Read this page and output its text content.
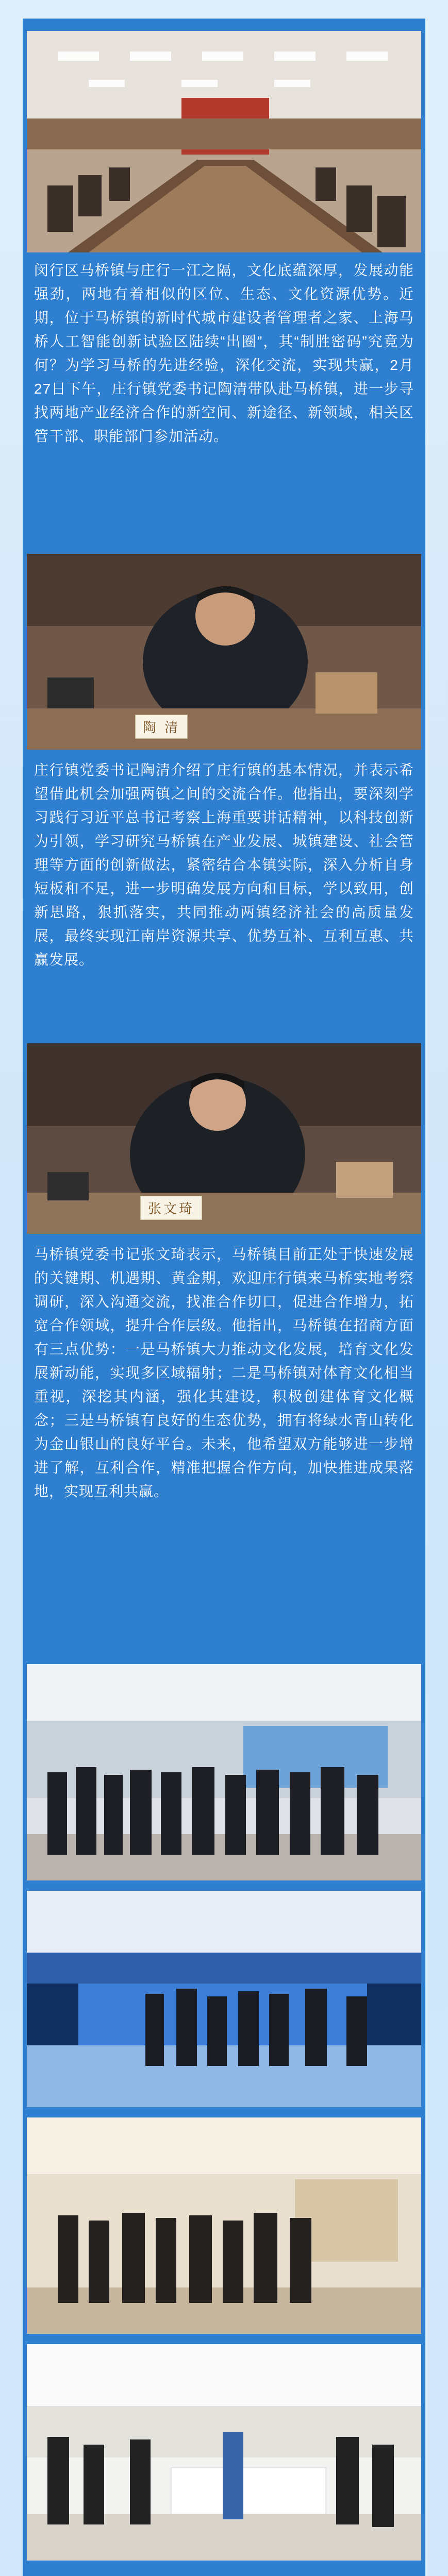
闵行区马桥镇与庄行一江之隔，文化底蕴深厚，发展动能强劲，两地有着相似的区位、生态、文化资源优势。近期，位于马桥镇的新时代城市建设者管理者之家、上海马桥人工智能创新试验区陆续“出圈”，其“制胜密码”究竟为何？为学习马桥的先进经验，深化交流，实现共赢，2月27日下午，庄行镇党委书记陶清带队赴马桥镇，进一步寻找两地产业经济合作的新空间、新途径、新领域，相关区管干部、职能部门参加活动。
陶 清
庄行镇党委书记陶清介绍了庄行镇的基本情况，并表示希望借此机会加强两镇之间的交流合作。他指出，要深刻学习践行习近平总书记考察上海重要讲话精神，以科技创新为引领，学习研究马桥镇在产业发展、城镇建设、社会管理等方面的创新做法，紧密结合本镇实际，深入分析自身短板和不足，进一步明确发展方向和目标，学以致用，创新思路，狠抓落实，共同推动两镇经济社会的高质量发展，最终实现江南岸资源共享、优势互补、互利互惠、共赢发展。
张文琦
马桥镇党委书记张文琦表示，马桥镇目前正处于快速发展的关键期、机遇期、黄金期，欢迎庄行镇来马桥实地考察调研，深入沟通交流，找准合作切口，促进合作增力，拓宽合作领域，提升合作层级。他指出，马桥镇在招商方面有三点优势：一是马桥镇大力推动文化发展，培育文化发展新动能，实现多区域辐射；二是马桥镇对体育文化相当重视，深挖其内涵，强化其建设，积极创建体育文化概念；三是马桥镇有良好的生态优势，拥有将绿水青山转化为金山银山的良好平台。未来，他希望双方能够进一步增进了解，互利合作，精准把握合作方向，加快推进成果落地，实现互利共赢。
